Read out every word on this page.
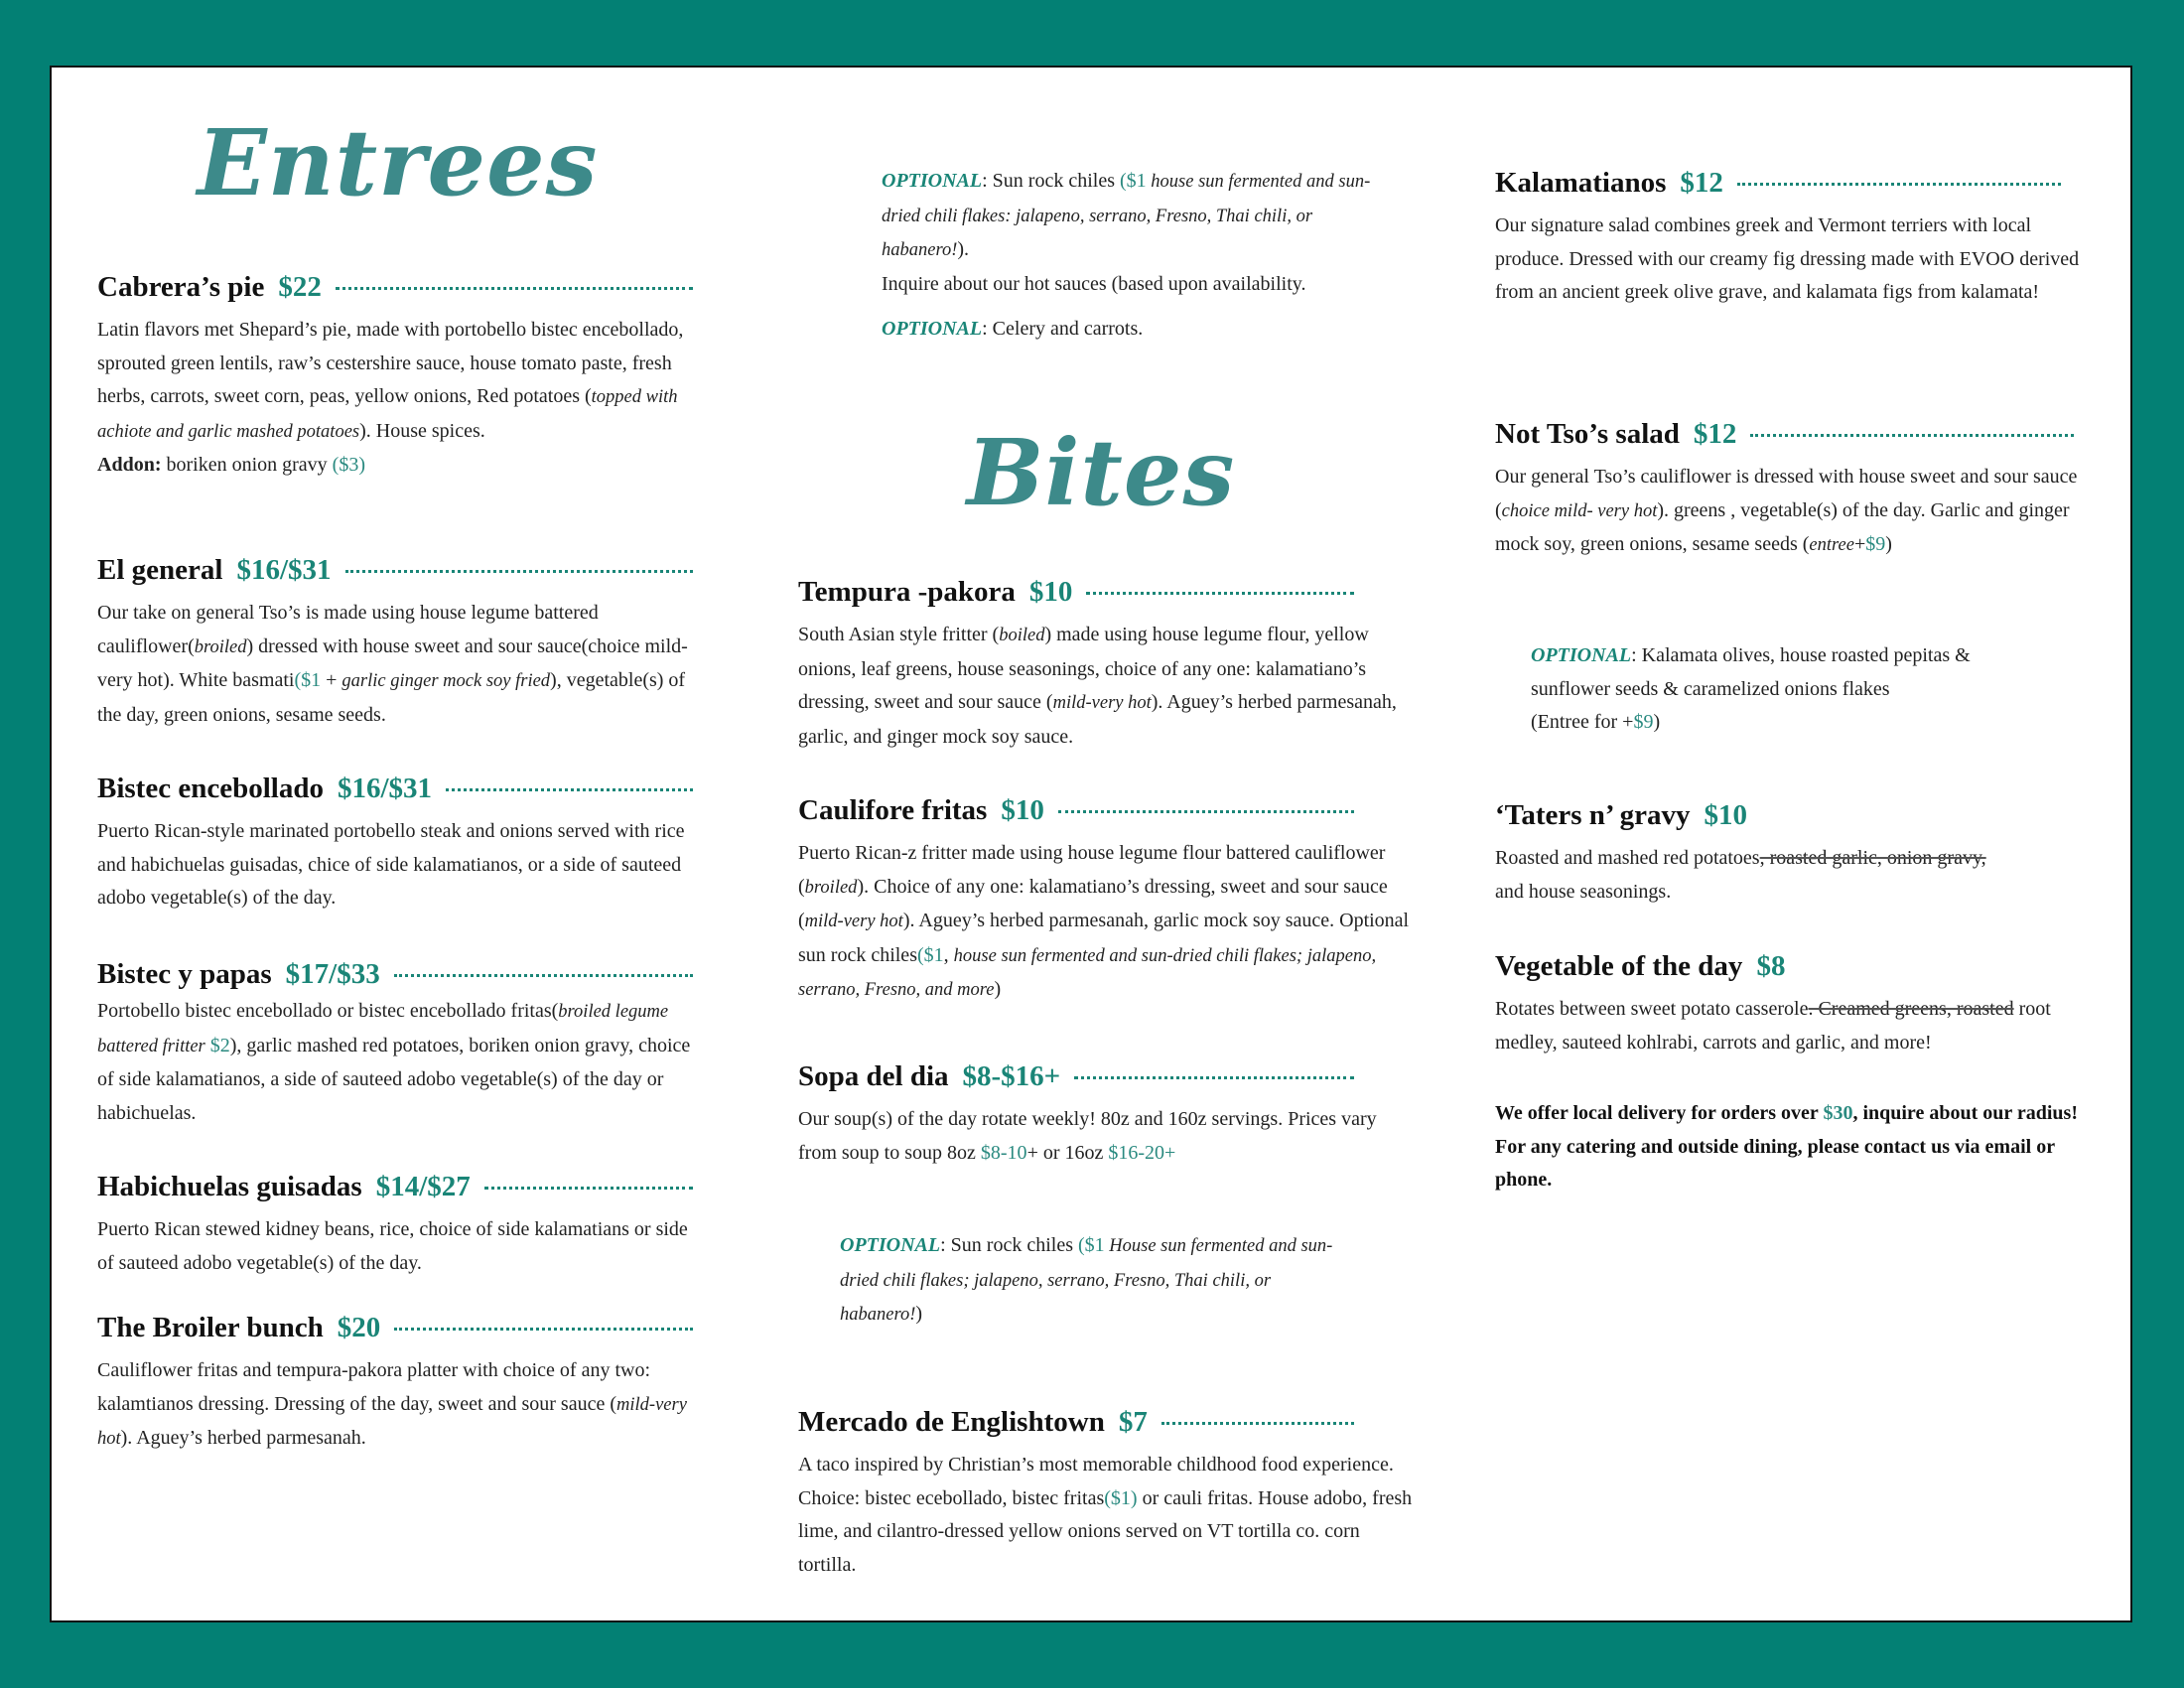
Entrees
Cabrera’s pie $22
Latin flavors met Shepard’s pie, made with portobello bistec encebollado, sprouted green lentils, raw’s cestershire sauce, house tomato paste, fresh herbs, carrots, sweet corn, peas, yellow onions, Red potatoes (topped with achiote and garlic mashed potatoes). House spices.
Addon: boriken onion gravy ($3)
El general $16/$31
Our take on general Tso’s is made using house legume battered cauliflower(broiled) dressed with house sweet and sour sauce(choice mild-very hot). White basmati($1 + garlic ginger mock soy fried), vegetable(s) of the day, green onions, sesame seeds.
Bistec encebollado $16/$31
Puerto Rican-style marinated portobello steak and onions served with rice and habichuelas guisadas, chice of side kalamatianos, or a side of sauteed adobo vegetable(s) of the day.
Bistec y papas $17/$33
Portobello bistec encebollado or bistec encebollado fritas(broiled legume battered fritter $2), garlic mashed red potatoes, boriken onion gravy, choice of side kalamatianos, a side of sauteed adobo vegetable(s) of the day or habichuelas.
Habichuelas guisadas $14/$27
Puerto Rican stewed kidney beans, rice, choice of side kalamatians or side of sauteed adobo vegetable(s) of the day.
The Broiler bunch $20
Cauliflower fritas and tempura-pakora platter with choice of any two: kalamtianos dressing. Dressing of the day, sweet and sour sauce (mild-very hot). Aguey’s herbed parmesanah.
OPTIONAL: Sun rock chiles ($1 house sun fermented and sun-dried chili flakes: jalapeno, serrano, Fresno, Thai chili, or habanero!).
Inquire about our hot sauces (based upon availability.
OPTIONAL: Celery and carrots.
Bites
Tempura -pakora $10
South Asian style fritter (boiled) made using house legume flour, yellow onions, leaf greens, house seasonings, choice of any one: kalamatiano’s dressing, sweet and sour sauce (mild-very hot). Aguey’s herbed parmesanah, garlic, and ginger mock soy sauce.
Caulifore fritas $10
Puerto Rican-z fritter made using house legume flour battered cauliflower (broiled). Choice of any one: kalamatiano’s dressing, sweet and sour sauce (mild-very hot). Aguey’s herbed parmesanah, garlic mock soy sauce. Optional sun rock chiles($1, house sun fermented and sun-dried chili flakes; jalapeno, serrano, Fresno, and more)
Sopa del dia $8-$16+
Our soup(s) of the day rotate weekly! 80z and 160z servings. Prices vary from soup to soup 8oz $8-10+ or 16oz $16-20+
OPTIONAL: Sun rock chiles ($1 House sun fermented and sun-dried chili flakes; jalapeno, serrano, Fresno, Thai chili, or habanero!)
Mercado de Englishtown $7
A taco inspired by Christian’s most memorable childhood food experience. Choice: bistec ecebollado, bistec fritas($1) or cauli fritas. House adobo, fresh lime, and cilantro-dressed yellow onions served on VT tortilla co. corn tortilla.
Kalamatianos $12
Our signature salad combines greek and Vermont terriers with local produce. Dressed with our creamy fig dressing made with EVOO derived from an ancient greek olive grave, and kalamata figs from kalamata!
Not Tso’s salad $12
Our general Tso’s cauliflower is dressed with house sweet and sour sauce (choice mild- very hot). greens , vegetable(s) of the day. Garlic and ginger mock soy, green onions, sesame seeds (entree+$9)
OPTIONAL: Kalamata olives, house roasted pepitas & sunflower seeds & caramelized onions flakes
(Entree for +$9)
‘Taters n’ gravy $10
Roasted and mashed red potatoes, roasted garlic, onion gravy,
and house seasonings.
Vegetable of the day $8
Rotates between sweet potato casserole. Creamed greens, roasted root medley, sauteed kohlrabi, carrots and garlic, and more!
We offer local delivery for orders over $30, inquire about our radius!
For any catering and outside dining, please contact us via email or phone.
